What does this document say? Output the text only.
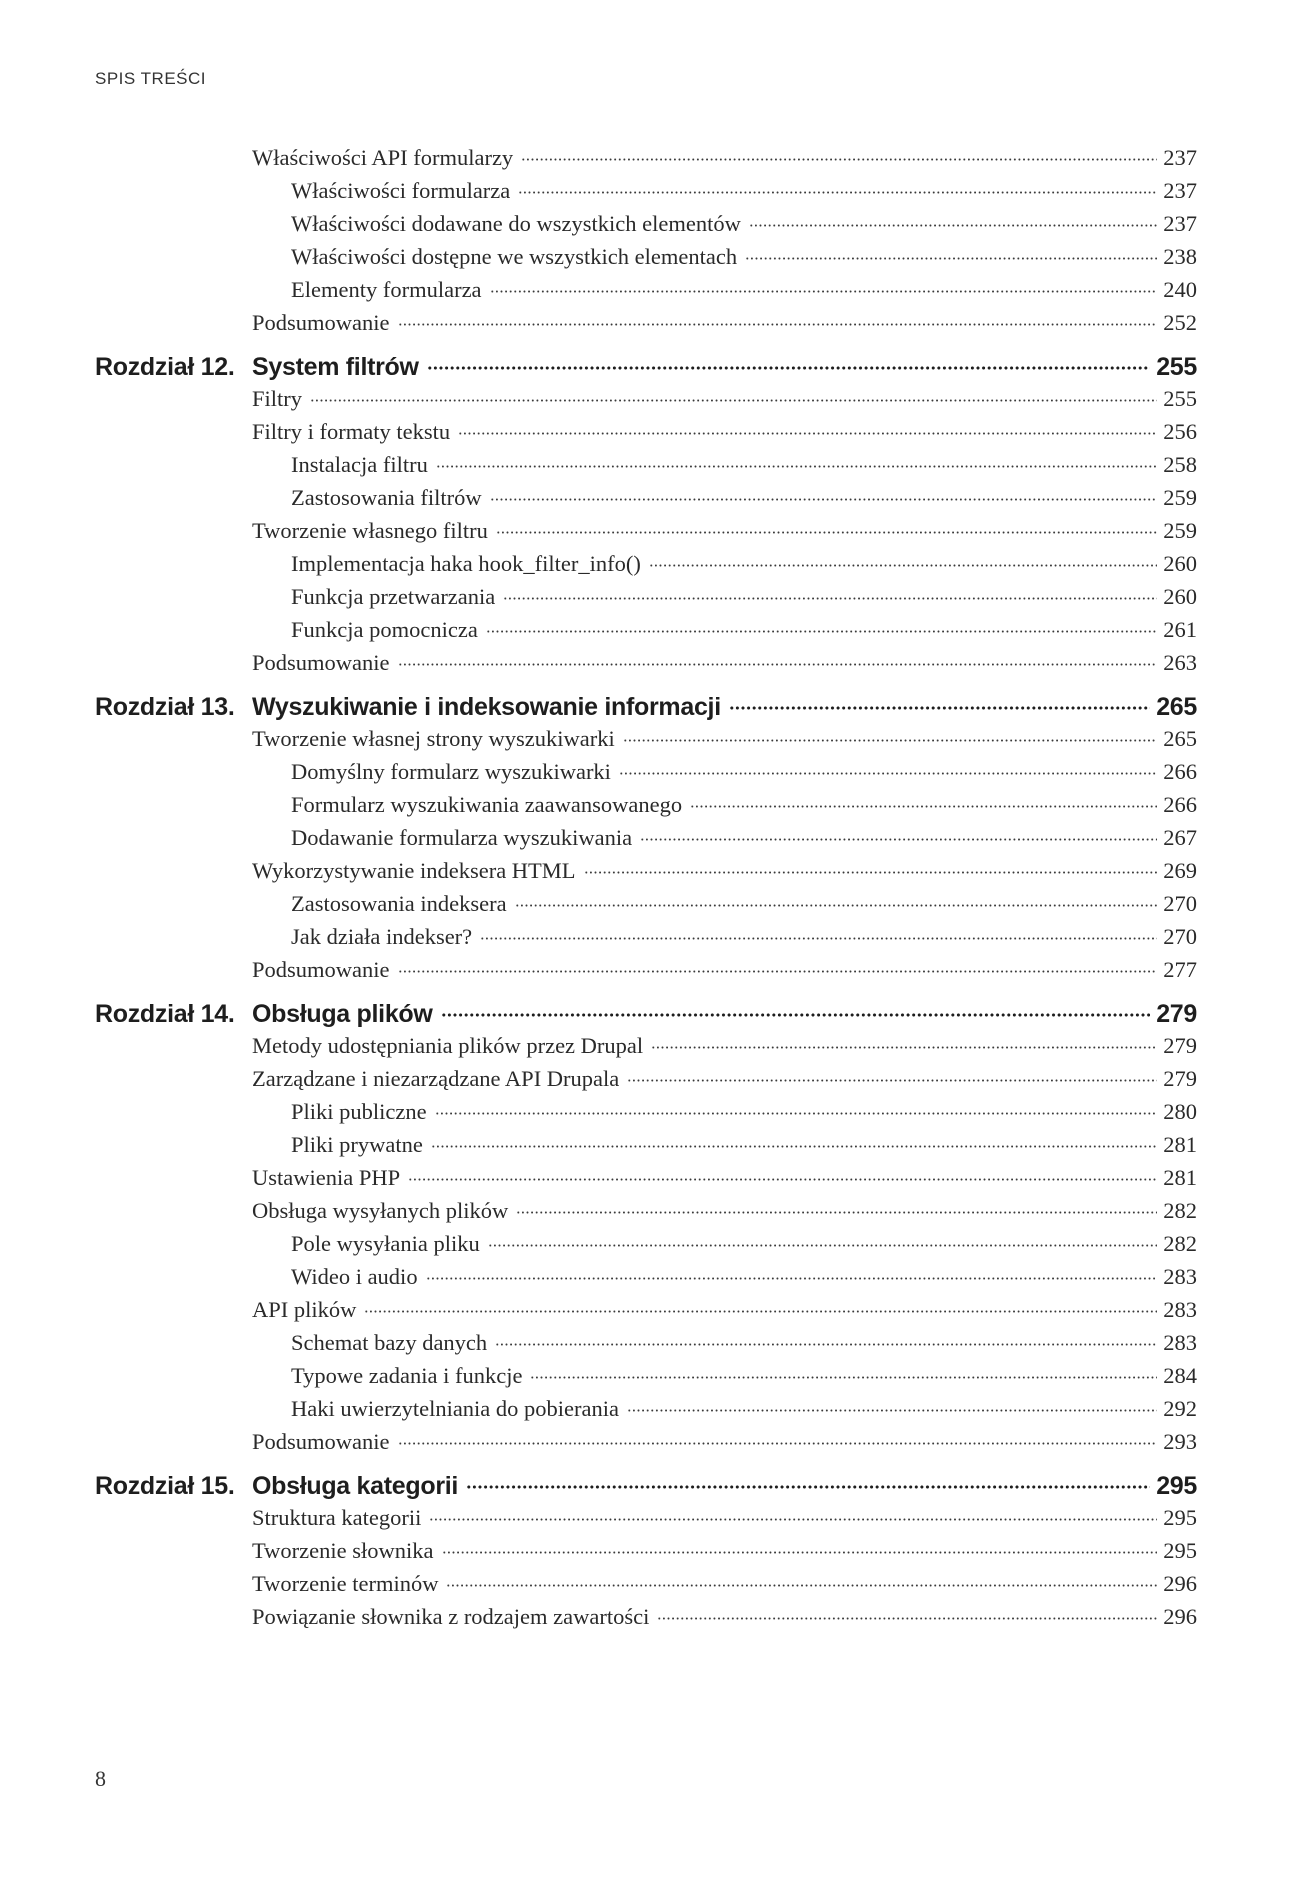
SPIS TREŚCI
Właściwości API formularzy	237
Właściwości formularza	237
Właściwości dodawane do wszystkich elementów	237
Właściwości dostępne we wszystkich elementach	238
Elementy formularza	240
Podsumowanie	252
Rozdział 12. System filtrów	255
Filtry	255
Filtry i formaty tekstu	256
Instalacja filtru	258
Zastosowania filtrów	259
Tworzenie własnego filtru	259
Implementacja haka hook_filter_info()	260
Funkcja przetwarzania	260
Funkcja pomocnicza	261
Podsumowanie	263
Rozdział 13. Wyszukiwanie i indeksowanie informacji	265
Tworzenie własnej strony wyszukiwarki	265
Domyślny formularz wyszukiwarki	266
Formularz wyszukiwania zaawansowanego	266
Dodawanie formularza wyszukiwania	267
Wykorzystywanie indeksera HTML	269
Zastosowania indeksera	270
Jak działa indekser?	270
Podsumowanie	277
Rozdział 14. Obsługa plików	279
Metody udostępniania plików przez Drupal	279
Zarządzane i niezarządzane API Drupala	279
Pliki publiczne	280
Pliki prywatne	281
Ustawienia PHP	281
Obsługa wysyłanych plików	282
Pole wysyłania pliku	282
Wideo i audio	283
API plików	283
Schemat bazy danych	283
Typowe zadania i funkcje	284
Haki uwierzytelniania do pobierania	292
Podsumowanie	293
Rozdział 15. Obsługa kategorii	295
Struktura kategorii	295
Tworzenie słownika	295
Tworzenie terminów	296
Powiązanie słownika z rodzajem zawartości	296
8
